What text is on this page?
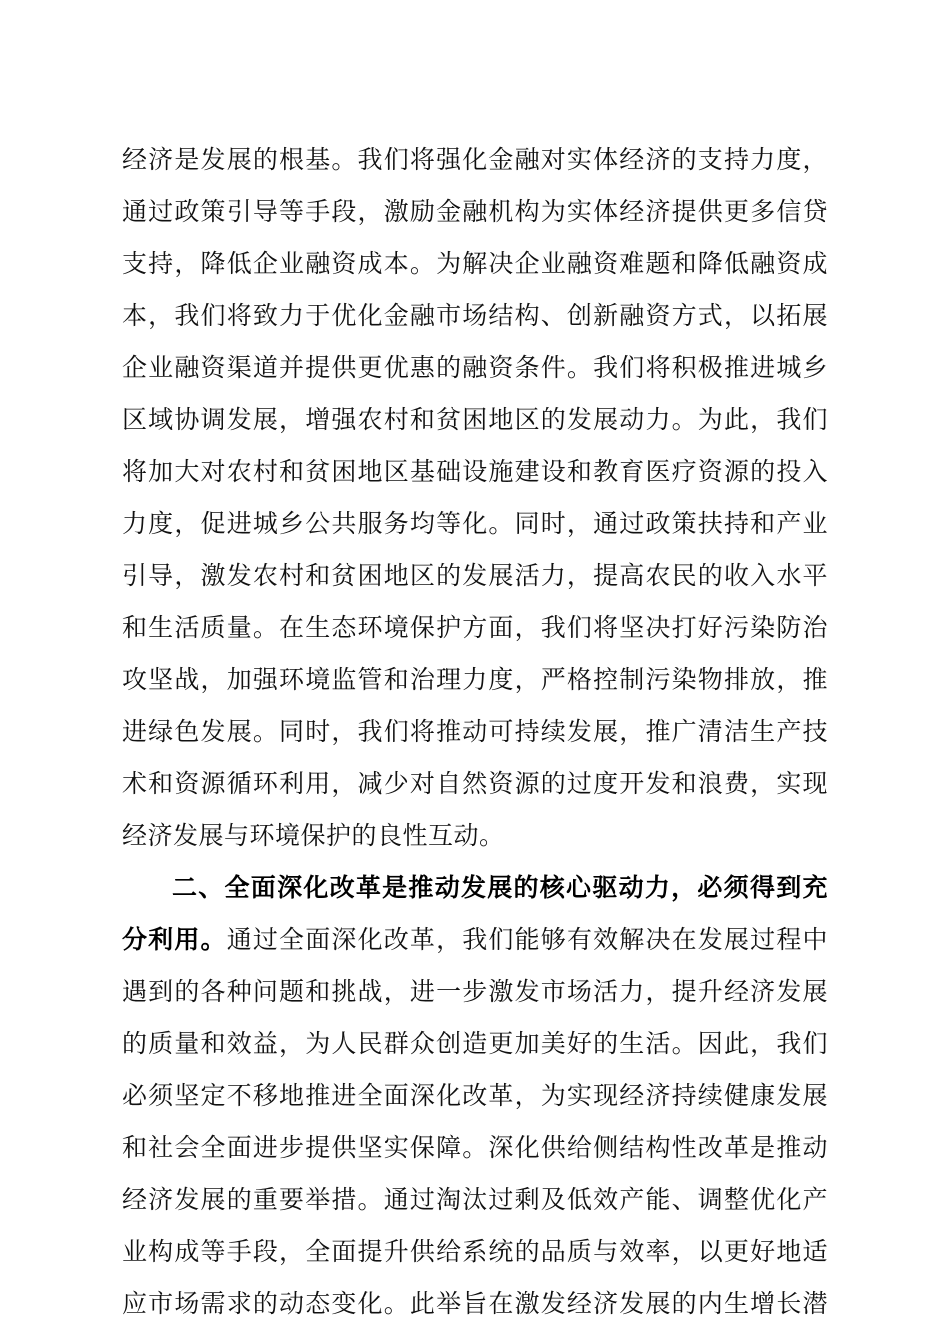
经济是发展的根基。我们将强化金融对实体经济的支持力度，
通过政策引导等手段，激励金融机构为实体经济提供更多信贷
支持，降低企业融资成本。为解决企业融资难题和降低融资成
本，我们将致力于优化金融市场结构、创新融资方式，以拓展
企业融资渠道并提供更优惠的融资条件。我们将积极推进城乡
区域协调发展，增强农村和贫困地区的发展动力。为此，我们
将加大对农村和贫困地区基础设施建设和教育医疗资源的投入
力度，促进城乡公共服务均等化。同时，通过政策扶持和产业
引导，激发农村和贫困地区的发展活力，提高农民的收入水平
和生活质量。在生态环境保护方面，我们将坚决打好污染防治
攻坚战，加强环境监管和治理力度，严格控制污染物排放，推
进绿色发展。同时，我们将推动可持续发展，推广清洁生产技
术和资源循环利用，减少对自然资源的过度开发和浪费，实现
经济发展与环境保护的良性互动。
二、全面深化改革是推动发展的核心驱动力，必须得到充
分利用。通过全面深化改革，我们能够有效解决在发展过程中
遇到的各种问题和挑战，进一步激发市场活力，提升经济发展
的质量和效益，为人民群众创造更加美好的生活。因此，我们
必须坚定不移地推进全面深化改革，为实现经济持续健康发展
和社会全面进步提供坚实保障。深化供给侧结构性改革是推动
经济发展的重要举措。通过淘汰过剩及低效产能、调整优化产
业构成等手段，全面提升供给系统的品质与效率，以更好地适
应市场需求的动态变化。此举旨在激发经济发展的内生增长潜
